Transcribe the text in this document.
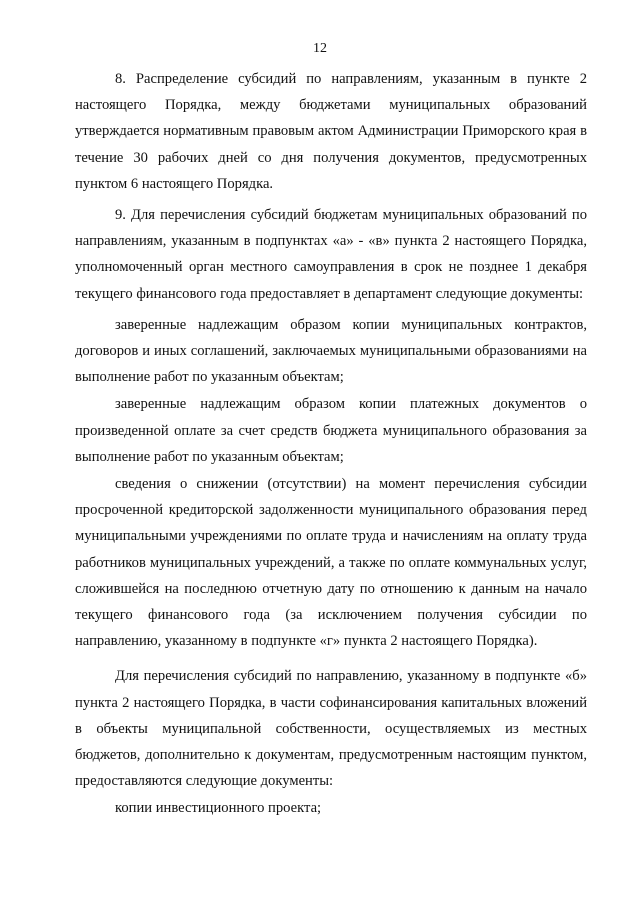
12

8. Распределение субсидий по направлениям, указанным в пункте 2 настоящего Порядка, между бюджетами муниципальных образований утверждается нормативным правовым актом Администрации Приморского края в течение 30 рабочих дней со дня получения документов, предусмотренных пунктом 6 настоящего Порядка.

9. Для перечисления субсидий бюджетам муниципальных образований по направлениям, указанным в подпунктах «а» - «в» пункта 2 настоящего Порядка, уполномоченный орган местного самоуправления в срок не позднее 1 декабря текущего финансового года предоставляет в департамент следующие документы:

заверенные надлежащим образом копии муниципальных контрактов, договоров и иных соглашений, заключаемых муниципальными образованиями на выполнение работ по указанным объектам;

заверенные надлежащим образом копии платежных документов о произведенной оплате за счет средств бюджета муниципального образования за выполнение работ по указанным объектам;

сведения о снижении (отсутствии) на момент перечисления субсидии просроченной кредиторской задолженности муниципального образования перед муниципальными учреждениями по оплате труда и начислениям на оплату труда работников муниципальных учреждений, а также по оплате коммунальных услуг, сложившейся на последнюю отчетную дату по отношению к данным на начало текущего финансового года (за исключением получения субсидии по направлению, указанному в подпункте «г» пункта 2 настоящего Порядка).

Для перечисления субсидий по направлению, указанному в подпункте «б» пункта 2 настоящего Порядка, в части софинансирования капитальных вложений в объекты муниципальной собственности, осуществляемых из местных бюджетов, дополнительно к документам, предусмотренным настоящим пунктом, предоставляются следующие документы:

копии инвестиционного проекта;
